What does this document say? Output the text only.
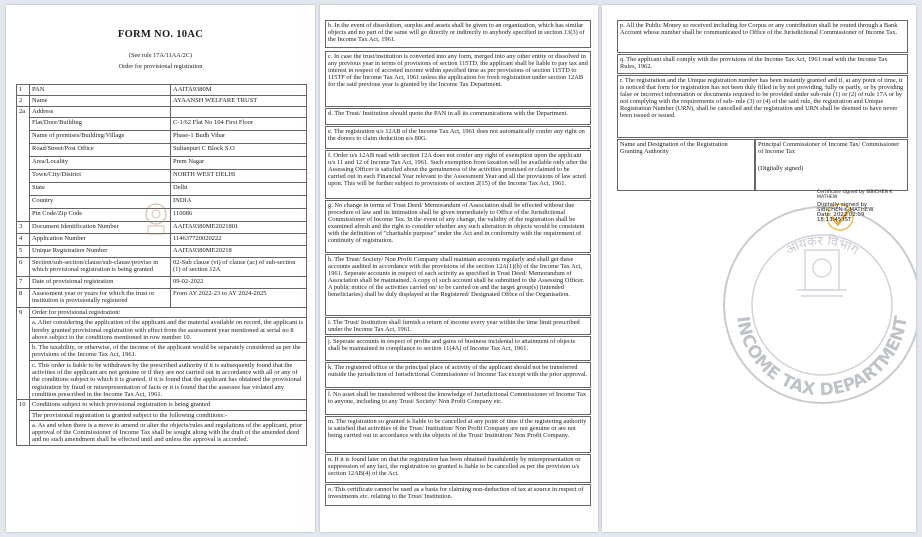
FORM NO. 10AC
(See rule 17A/11AA/2C)
Order for provisional registration
1	PAN	AAITA9380M
2	Name	AYAANSH WELFARE TRUST
2a	Address	
	Flat/Door/Building	C-1/62 Flat No 104 First Floor
	Name of premises/Building/Village	Phase-1 Budh Vihar
	Road/Street/Post Office	Sultanpuri C Block S.O
	Area/Locality	Prem Nagar
	Town/City/District	NORTH WEST DELHI
	State	Delhi
	Country	INDIA
	Pin Code/Zip Code	110086
3	Document Identification Number	AAITA9380ME2021801
4	Application Number	114637720020222
5	Unique Registration Number	AAITA9380ME20218
6	Section/sub-section/clause/sub-clause/proviso in which provisional registration is being granted	02-Sub clause (vi) of clause (ac) of sub-section (1) of section 12A
7	Date of provisional registration	09-02-2022
8	Assessment year or years for which the trust or institution is provisionally registered	From AY 2022-23 to AY 2024-2025
9	Order for provisional registration:	
	a. After considering the application of the applicant and the material available on record, the applicant is hereby granted provisional registration with effect from the assessment year mentioned at serial no 8 above subject to the conditions mentioned in row number 10.	
	b. The taxability, or otherwise, of the income of the applicant would be separately considered as per the provisions of the Income Tax Act, 1961.	
	c. This order is liable to be withdrawn by the prescribed authority if it is subsequently found that the activities of the applicant are not genuine or if they are not carried out in accordance with all or any of the conditions subject to which it is granted, if it is found that the applicant has obtained the provisional registration by fraud or misrepresentation of facts or it is found that the assessee has violated any condition prescribed in the Income Tax Act, 1961.	
10	Conditions subject to which provisional registration is being granted	
	The provisional registration is granted subject to the following conditions:-	
	a. As and when there is a move to amend or alter the objects/rules and regulations of the applicant, prior approval of the Commissioner of Income Tax shall be sought along with the draft of the amended deed and no such amendment shall be effected until and unless the approval is accorded.	
b. In the event of dissolution, surplus and assets shall be given to an organization, which has similar objects and no part of the same will go directly or indirectly to anybody specified in section 13(3) of the Income Tax Act, 1961.
c. In case the trust/institution is converted into any form, merged into any other entity or dissolved in any previous year in terms of provisions of section 115TD, the applicant shall be liable to pay tax and interest in respect of accreted income within specified time as per provisions of section 115TD to 115TF of the Income Tax Act, 1961 unless the application for fresh registration under section 12AB for the said previous year is granted by the Income Tax Department.
d. The Trust/ Institution should quote the PAN in all its communications with the Department.
e. The registration u/s 12AB of the Income Tax Act, 1961 does not automatically confer any right on the donors to claim deduction u/s 80G.
f. Order u/s 12AB read with section 12A does not confer any right of exemption upon the applicant u/s 11 and 12 of Income Tax Act, 1961. Such exemption from taxation will be available only after the Assessing Officer is satisfied about the genuineness of the activities promised or claimed to be carried out in each Financial Year relevant to the Assessment Year and all the provisions of law acted upon. This will be further subject to provisions of section 2(15) of the Income Tax Act, 1961.
g. No change in terms of Trust Deed/ Memorandum of Association shall be effected without due procedure of law and its intimation shall be given immediately to Office of the Jurisdictional Commissioner of Income Tax. In the event of any change, the validity of the registration shall be examined afresh and the right to consider whether any such alteration in objects would be consistent with the definition of "charitable purpose" under the Act and in conformity with the requirement of continuity of registration.
h. The Trust/ Society/ Non Profit Company shall maintain accounts regularly and shall get these accounts audited in accordance with the provisions of the section 12A(1)(b) of the Income Tax Act, 1961. Seperate accounts in respect of each activity as specified in Trust Deed/ Memorandum of Association shall be maintained. A copy of such account shall be submitted to the Assessing Officer. A public notice of the activities carried on/ to be carried on and the target group(s) (intended beneficiaries) shall be duly displayed at the Registered/ Designated Office of the Organisation.
i. The Trust/ Institution shall furnish a return of income every year within the time limit prescribed under the Income Tax Act, 1961.
j. Seperate accounts in respect of profits and gains of business incidental to attainment of objects shall be maintained in compliance to section 11(4A) of Income Tax Act, 1961.
k. The registered office or the principal place of activity of the applicant should not be transferred outside the jurisdiction of Jurisdictional Commissioner of Income Tax except with the prior approval.
l. No asset shall be transferred without the knowledge of Jurisdictional Commissioner of Income Tax to anyone, including to any Trust/ Society/ Non Profit Company etc.
m. The registration so granted is liable to be cancelled at any point of time if the registering authority is satisfied that activities of the Trust/ Institution/ Non Profit Company are not genuine or are not being carried out in accordance with the objects of the Trust/ Institution/ Non Profit Company.
n. If it is found later on that the registration has been obtained fraudulently by misrepresentation or suppression of any fact, the registration so granted is liable to be cancelled as per the provision u/s section 12AB(4) of the Act.
o. This certificate cannot be used as a basis for claiming non-deduction of tax at source in respect of investments etc. relating to the Trust/ Institution.
p. All the Public Money so received including for Corpus or any contribution shall be routed through a Bank Account whose number shall be communicated to Office of the Jurisdictional Commissioner of Income Tax.
q. The applicant shall comply with the provisions of the Income Tax Act, 1961 read with the Income Tax Rules, 1962.
r. The registration and the Unique registration number has been instantly granted and if, at any point of time, it is noticed that form for registration has not been duly filled in by not providing, fully or partly, or by providing false or incorrect information or documents required to be provided under sub-rule (1) or (2) of rule 17A or by not complying with the requirements of sub- rule (3) or (4) of the said rule, the registration and Unique Registration Number (URN), shall be cancelled and the registration and URN shall be deemed to have never been issued or issued.
Name and Designation of the Registration Granting Authority
Principal Commissioner of Income Tax/ Commissioner of Income Tax
(Digitally signed)
Certificate signed by SIBICHEN K MATHEW
Digitally signed by
SIBICHEN K MATHEW
Date: 2022.02.09
18:13:45 IST
INCOME TAX DEPARTMENT
आयकर विभाग
